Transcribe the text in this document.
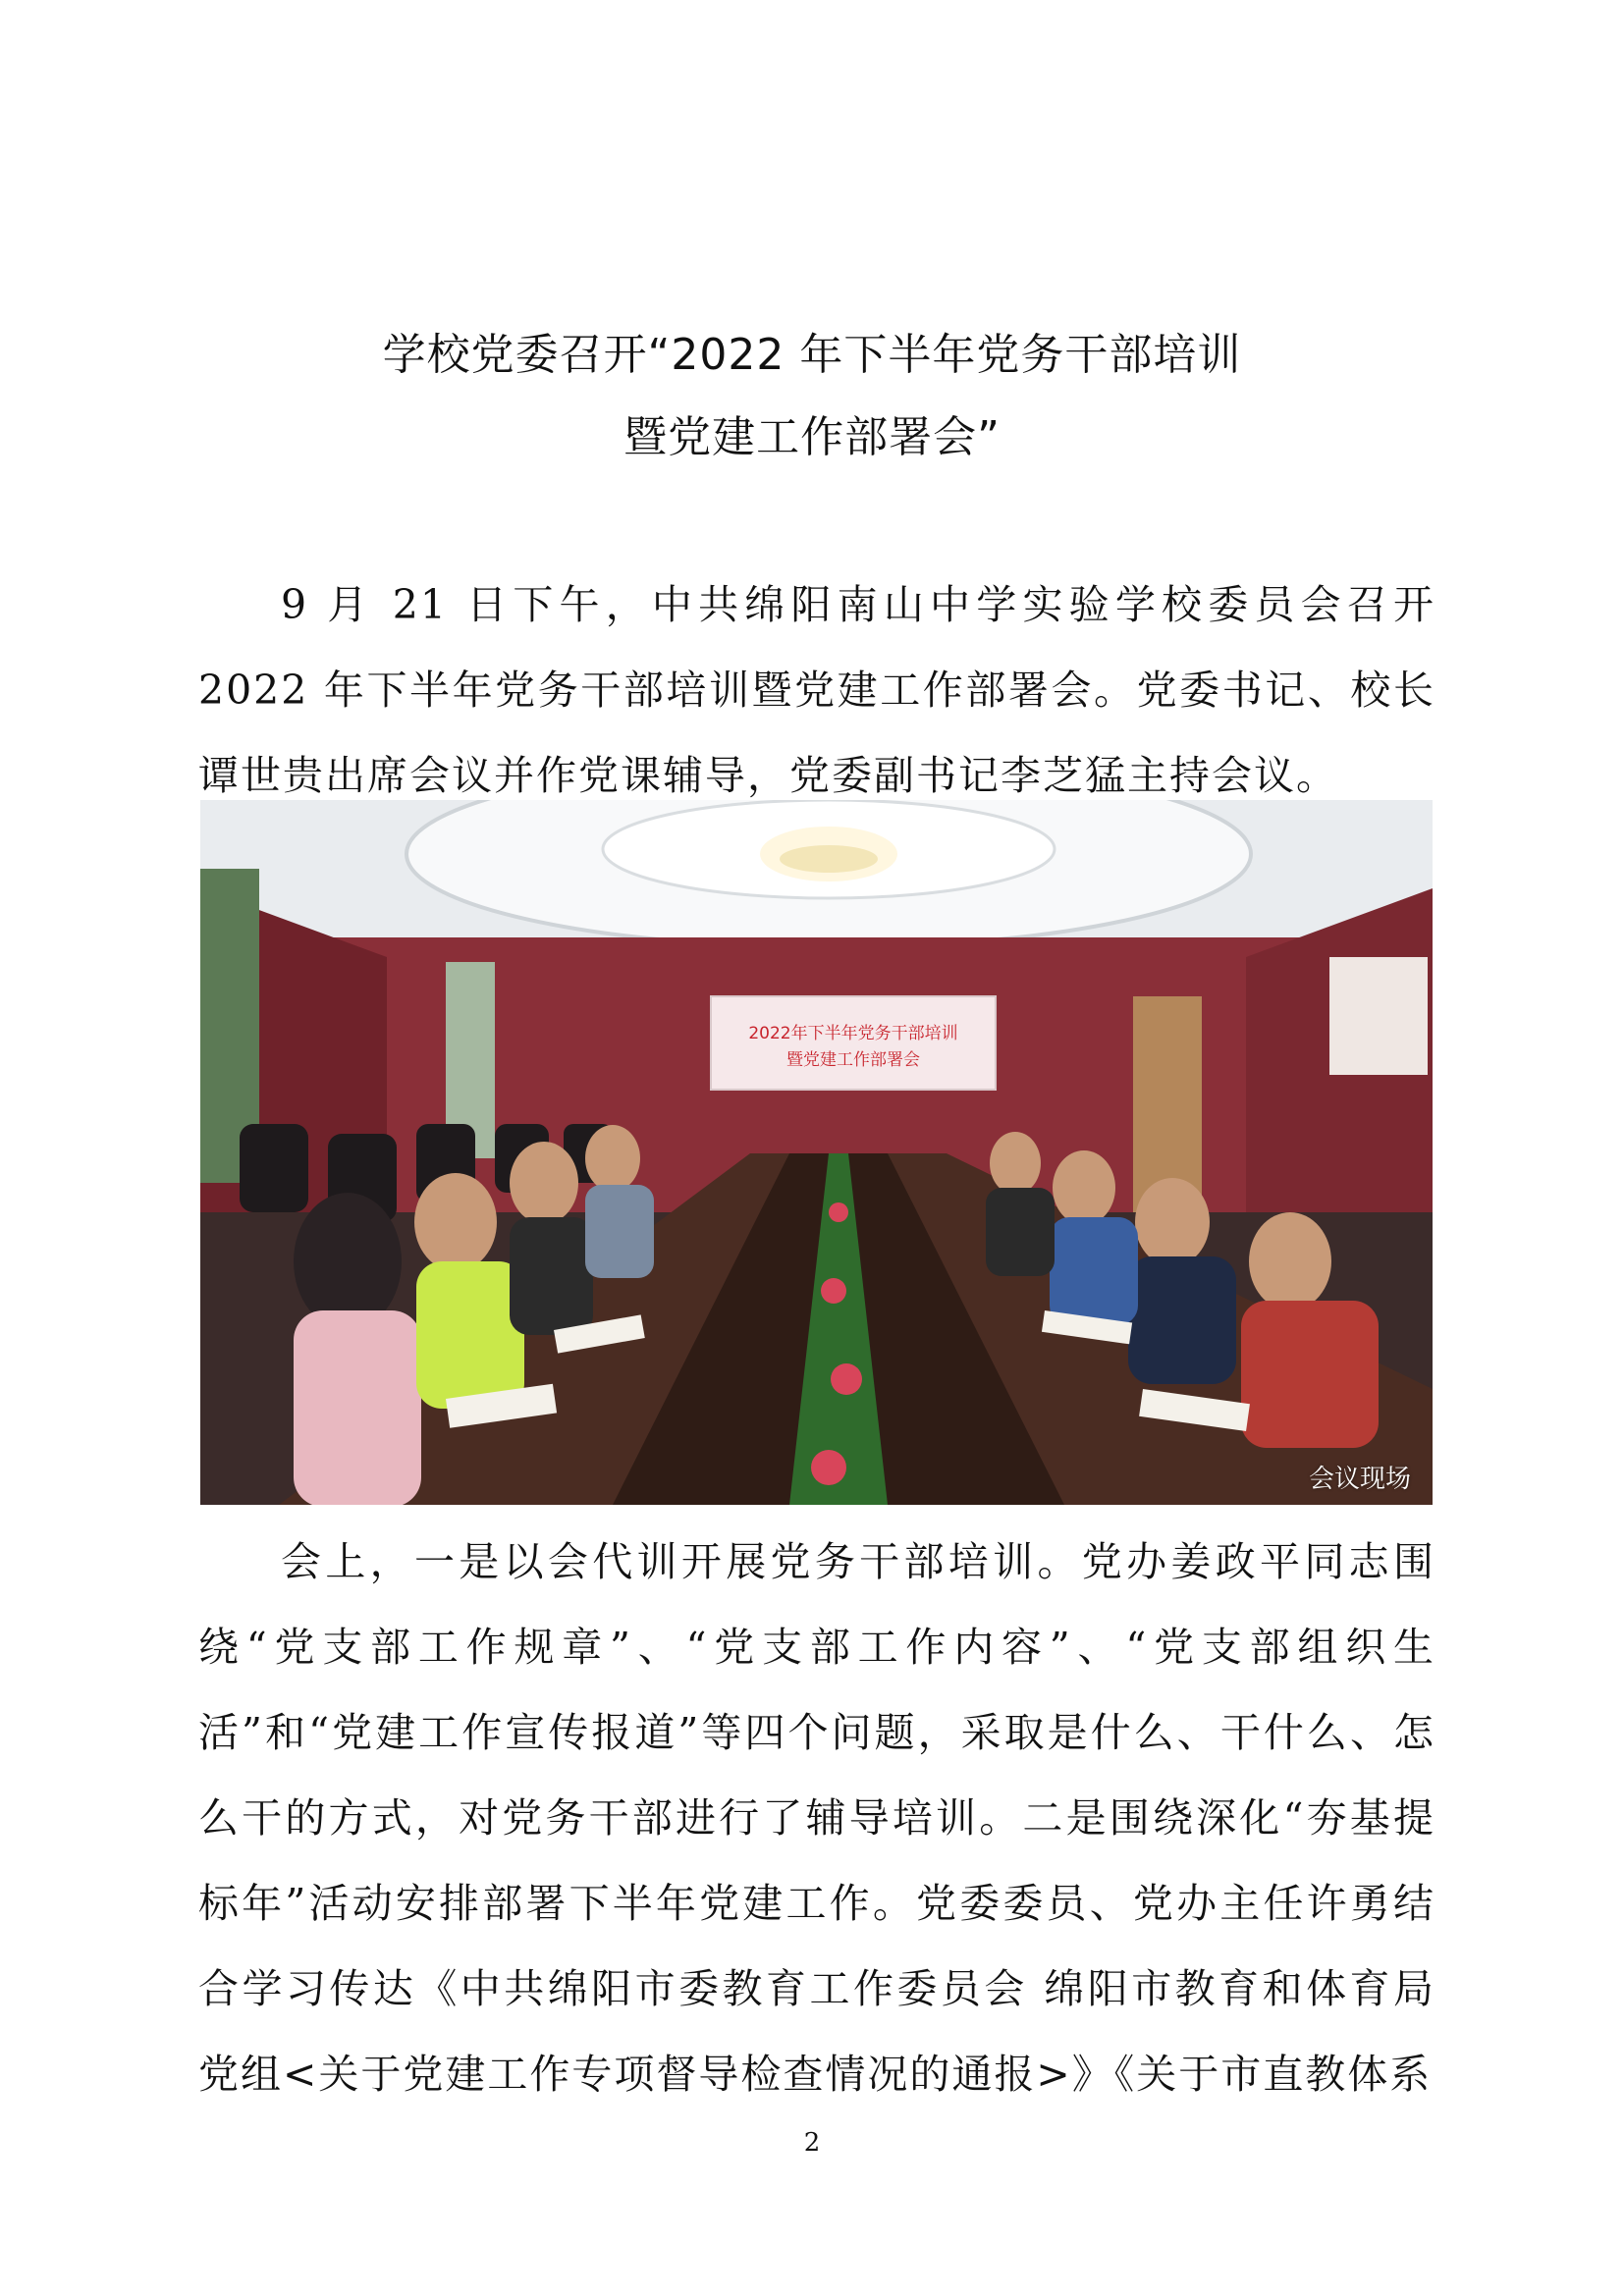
学校党委召开“2022 年下半年党务干部培训
暨党建工作部署会”

9 月 21 日下午，中共绵阳南山中学实验学校委员会召开 2022 年下半年党务干部培训暨党建工作部署会。党委书记、校长谭世贵出席会议并作党课辅导，党委副书记李芝猛主持会议。

2022年下半年党务干部培训
暨党建工作部署会
会议现场

会上，一是以会代训开展党务干部培训。党办姜政平同志围绕“党支部工作规章”、“党支部工作内容”、“党支部组织生活”和“党建工作宣传报道”等四个问题，采取是什么、干什么、怎么干的方式，对党务干部进行了辅导培训。二是围绕深化“夯基提标年”活动安排部署下半年党建工作。党委委员、党办主任许勇结合学习传达《中共绵阳市委教育工作委员会 绵阳市教育和体育局党组<关于党建工作专项督导检查情况的通报>》《关于市直教体系

2
